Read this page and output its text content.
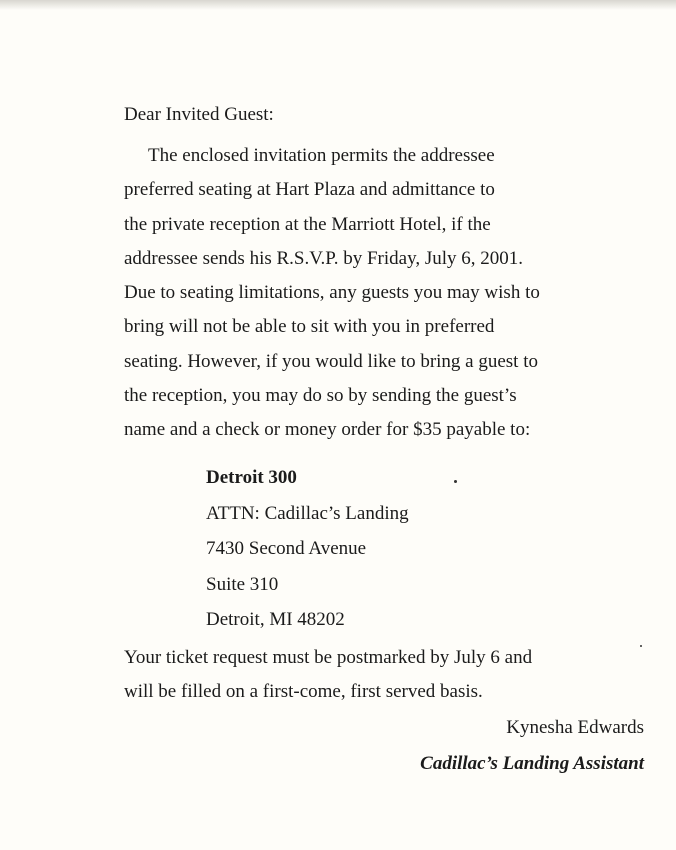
Dear Invited Guest:
The enclosed invitation permits the addressee
preferred seating at Hart Plaza and admittance to
the private reception at the Marriott Hotel, if the
addressee sends his R.S.V.P. by Friday, July 6, 2001.
Due to seating limitations, any guests you may wish to
bring will not be able to sit with you in preferred
seating. However, if you would like to bring a guest to
the reception, you may do so by sending the guest’s
name and a check or money order for $35 payable to:
Detroit 300
ATTN: Cadillac’s Landing
7430 Second Avenue
Suite 310
Detroit, MI 48202
Your ticket request must be postmarked by July 6 and
will be filled on a first-come, first served basis.
Kynesha Edwards
Cadillac’s Landing Assistant
